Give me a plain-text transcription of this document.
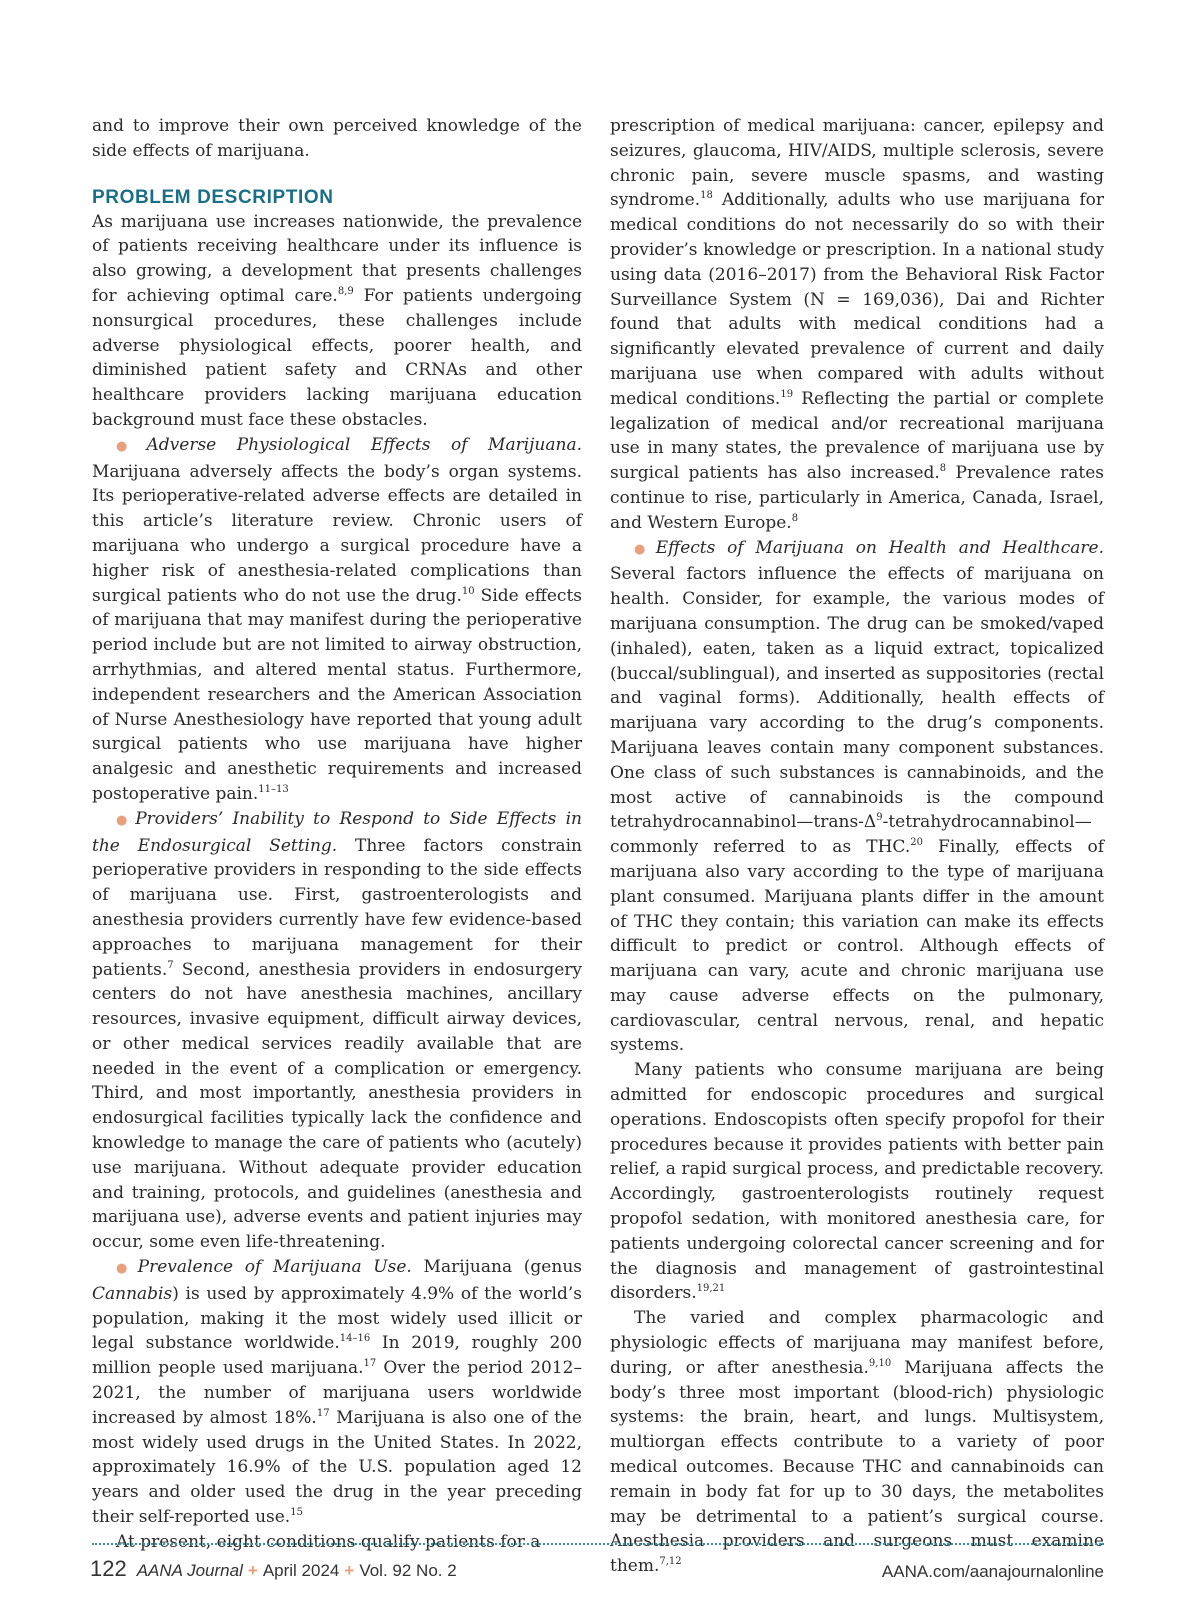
and to improve their own perceived knowledge of the side effects of marijuana.

PROBLEM DESCRIPTION

As marijuana use increases nationwide, the prevalence of patients receiving healthcare under its influence is also growing, a development that presents challenges for achieving optimal care.$^{8,9}$ For patients undergoing nonsurgical procedures, these challenges include adverse physiological effects, poorer health, and diminished patient safety and CRNAs and other healthcare providers lacking marijuana education background must face these obstacles.

● Adverse Physiological Effects of Marijuana. Marijuana adversely affects the body’s organ systems. Its perioperative-related adverse effects are detailed in this article’s literature review. Chronic users of marijuana who undergo a surgical procedure have a higher risk of anesthesia-related complications than surgical patients who do not use the drug.$^{10}$ Side effects of marijuana that may manifest during the perioperative period include but are not limited to airway obstruction, arrhythmias, and altered mental status. Furthermore, independent researchers and the American Association of Nurse Anesthesiology have reported that young adult surgical patients who use marijuana have higher analgesic and anesthetic requirements and increased postoperative pain.$^{11-13}$

● Providers’ Inability to Respond to Side Effects in the Endosurgical Setting. Three factors constrain perioperative providers in responding to the side effects of marijuana use. First, gastroenterologists and anesthesia providers currently have few evidence-based approaches to marijuana management for their patients.$^7$ Second, anesthesia providers in endosurgery centers do not have anesthesia machines, ancillary resources, invasive equipment, difficult airway devices, or other medical services readily available that are needed in the event of a complication or emergency. Third, and most importantly, anesthesia providers in endosurgical facilities typically lack the confidence and knowledge to manage the care of patients who (acutely) use marijuana. Without adequate provider education and training, protocols, and guidelines (anesthesia and marijuana use), adverse events and patient injuries may occur, some even life-threatening.

● Prevalence of Marijuana Use. Marijuana (genus Cannabis) is used by approximately 4.9% of the world’s population, making it the most widely used illicit or legal substance worldwide.$^{14-16}$ In 2019, roughly 200 million people used marijuana.$^{17}$ Over the period 2012–2021, the number of marijuana users worldwide increased by almost 18%.$^{17}$ Marijuana is also one of the most widely used drugs in the United States. In 2022, approximately 16.9% of the U.S. population aged 12 years and older used the drug in the year preceding their self-reported use.$^{15}$

At present, eight conditions qualify patients for a

prescription of medical marijuana: cancer, epilepsy and seizures, glaucoma, HIV/AIDS, multiple sclerosis, severe chronic pain, severe muscle spasms, and wasting syndrome.$^{18}$ Additionally, adults who use marijuana for medical conditions do not necessarily do so with their provider’s knowledge or prescription. In a national study using data (2016–2017) from the Behavioral Risk Factor Surveillance System (N = 169,036), Dai and Richter found that adults with medical conditions had a significantly elevated prevalence of current and daily marijuana use when compared with adults without medical conditions.$^{19}$ Reflecting the partial or complete legalization of medical and/or recreational marijuana use in many states, the prevalence of marijuana use by surgical patients has also increased.$^8$ Prevalence rates continue to rise, particularly in America, Canada, Israel, and Western Europe.$^8$

● Effects of Marijuana on Health and Healthcare. Several factors influence the effects of marijuana on health. Consider, for example, the various modes of marijuana consumption. The drug can be smoked/vaped (inhaled), eaten, taken as a liquid extract, topicalized (buccal/sublingual), and inserted as suppositories (rectal and vaginal forms). Additionally, health effects of marijuana vary according to the drug’s components. Marijuana leaves contain many component substances. One class of such substances is cannabinoids, and the most active of cannabinoids is the compound $tetrahydrocannabinol—trans-\Delta^9-tetrahydrocannabinol—commonly$ referred to as THC.$^{20}$ Finally, effects of marijuana also vary according to the type of marijuana plant consumed. Marijuana plants differ in the amount of THC they contain; this variation can make its effects difficult to predict or control. Although effects of marijuana can vary, acute and chronic marijuana use may cause adverse effects on the pulmonary, cardiovascular, central nervous, renal, and hepatic systems.

Many patients who consume marijuana are being admitted for endoscopic procedures and surgical operations. Endoscopists often specify propofol for their procedures because it provides patients with better pain relief, a rapid surgical process, and predictable recovery. Accordingly, gastroenterologists routinely request propofol sedation, with monitored anesthesia care, for patients undergoing colorectal cancer screening and for the diagnosis and management of gastrointestinal disorders.$^{19,21}$

The varied and complex pharmacologic and physiologic effects of marijuana may manifest before, during, or after anesthesia.$^{9,10}$ Marijuana affects the body’s three most important (blood-rich) physiologic systems: the brain, heart, and lungs. Multisystem, multiorgan effects contribute to a variety of poor medical outcomes. Because THC and cannabinoids can remain in body fat for up to 30 days, the metabolites may be detrimental to a patient’s surgical course. Anesthesia providers and surgeons must examine them.$^{7,12}$

122 AANA Journal + April 2024 + Vol. 92 No. 2	AANA.com/aanajournalonline
